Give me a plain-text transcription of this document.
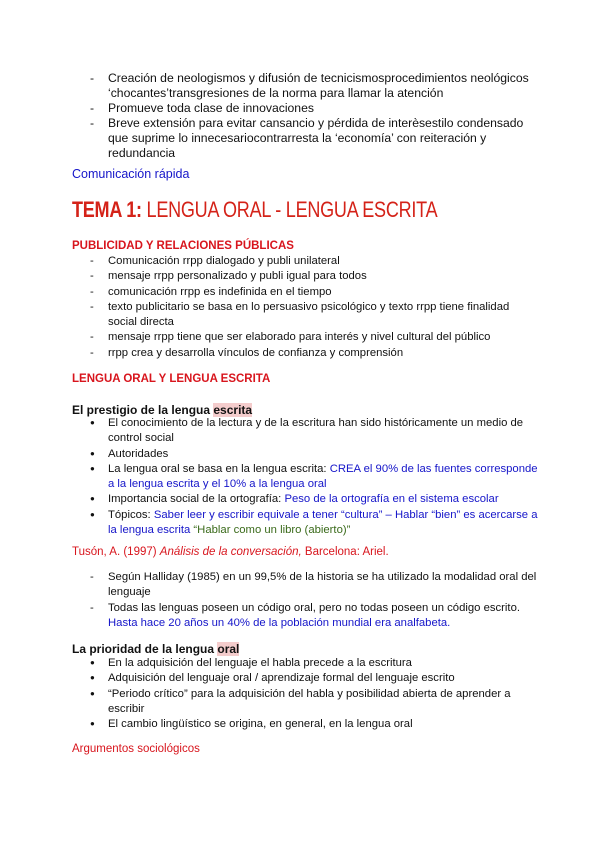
- Creación de neologismos y difusión de tecnicismosprocedimientos neológicos ‘chocantes’transgresiones de la norma para llamar la atención
- Promueve toda clase de innovaciones
- Breve extensión para evitar cansancio y pérdida de interèsestilo condensado que suprime lo innecesariocontrarresta la ‘economía’ con reiteración y redundancia
Comunicación rápida
TEMA 1: LENGUA ORAL - LENGUA ESCRITA
PUBLICIDAD Y RELACIONES PÚBLICAS
- Comunicación rrpp dialogado y publi unilateral
- mensaje rrpp personalizado y publi igual para todos
- comunicación rrpp es indefinida en el tiempo
- texto publicitario se basa en lo persuasivo psicológico y texto rrpp tiene finalidad social directa
- mensaje rrpp tiene que ser elaborado para interés y nivel cultural del público
- rrpp crea y desarrolla vínculos de confianza y comprensión
LENGUA ORAL Y LENGUA ESCRITA
El prestigio de la lengua escrita
● El conocimiento de la lectura y de la escritura han sido históricamente un medio de control social
● Autoridades
● La lengua oral se basa en la lengua escrita: CREA el 90% de las fuentes corresponde a la lengua escrita y el 10% a la lengua oral
● Importancia social de la ortografía: Peso de la ortografía en el sistema escolar
● Tópicos: Saber leer y escribir equivale a tener “cultura” – Hablar “bien” es acercarse a la lengua escrita “Hablar como un libro (abierto)”
Tusón, A. (1997) Análisis de la conversación, Barcelona: Ariel.
- Según Halliday (1985) en un 99,5% de la historia se ha utilizado la modalidad oral del lenguaje
- Todas las lenguas poseen un código oral, pero no todas poseen un código escrito. Hasta hace 20 años un 40% de la población mundial era analfabeta.
La prioridad de la lengua oral
● En la adquisición del lenguaje el habla precede a la escritura
● Adquisición del lenguaje oral / aprendizaje formal del lenguaje escrito
● “Periodo crítico” para la adquisición del habla y posibilidad abierta de aprender a escribir
● El cambio lingüístico se origina, en general, en la lengua oral
Argumentos sociológicos
